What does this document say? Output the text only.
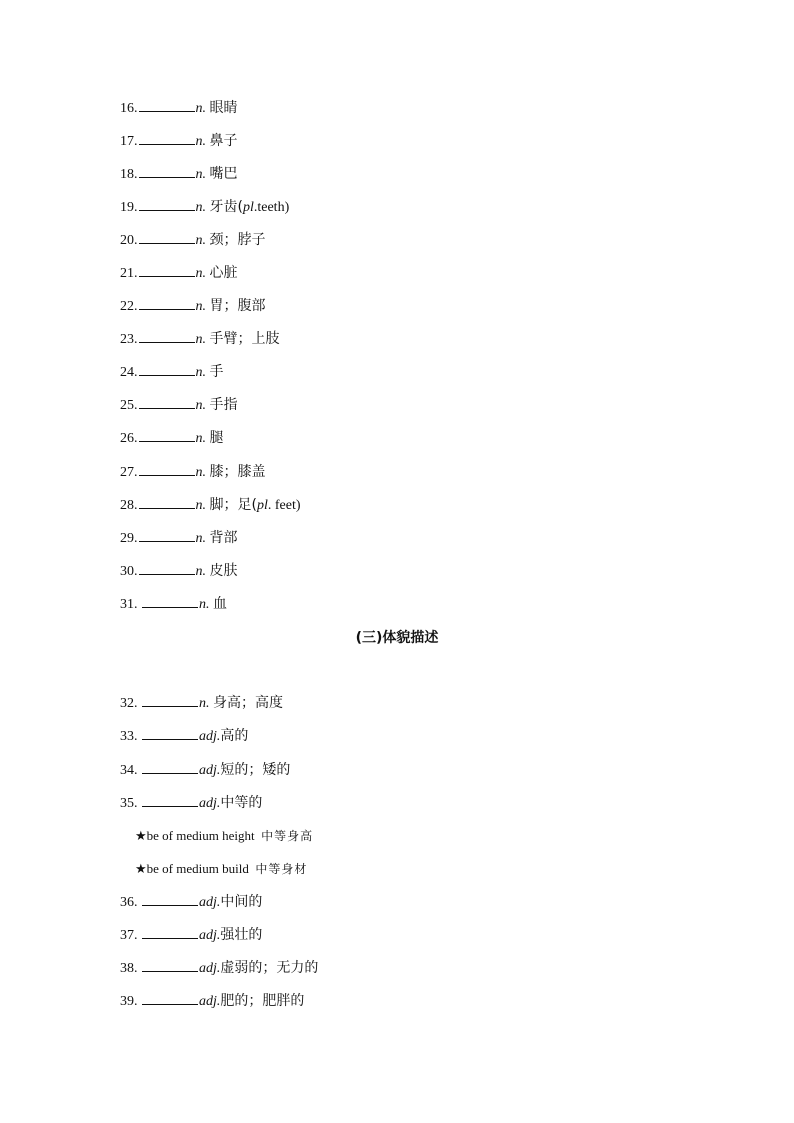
16.	n. 眼睛
17.	n. 鼻子
18.	n. 嘴巴
19.	n. 牙齿(pl.teeth)
20.	n. 颈；脖子
21.	n. 心脏
22.	n. 胃；腹部
23.	n. 手臂；上肢
24.	n. 手
25.	n. 手指
26.	n. 腿
27.	n. 膝；膝盖
28.	n. 脚；足(pl. feet)
29.	n. 背部
30.	n. 皮肤
31.	n. 血
(三)体貌描述
32.	n. 身高；高度
33.	adj.高的
34.	adj.短的；矮的
35.	adj.中等的
★be of medium height 中等身高
★be of medium build 中等身材
36.	adj.中间的
37.	adj.强壮的
38.	adj.虚弱的；无力的
39.	adj.肥的；肥胖的
